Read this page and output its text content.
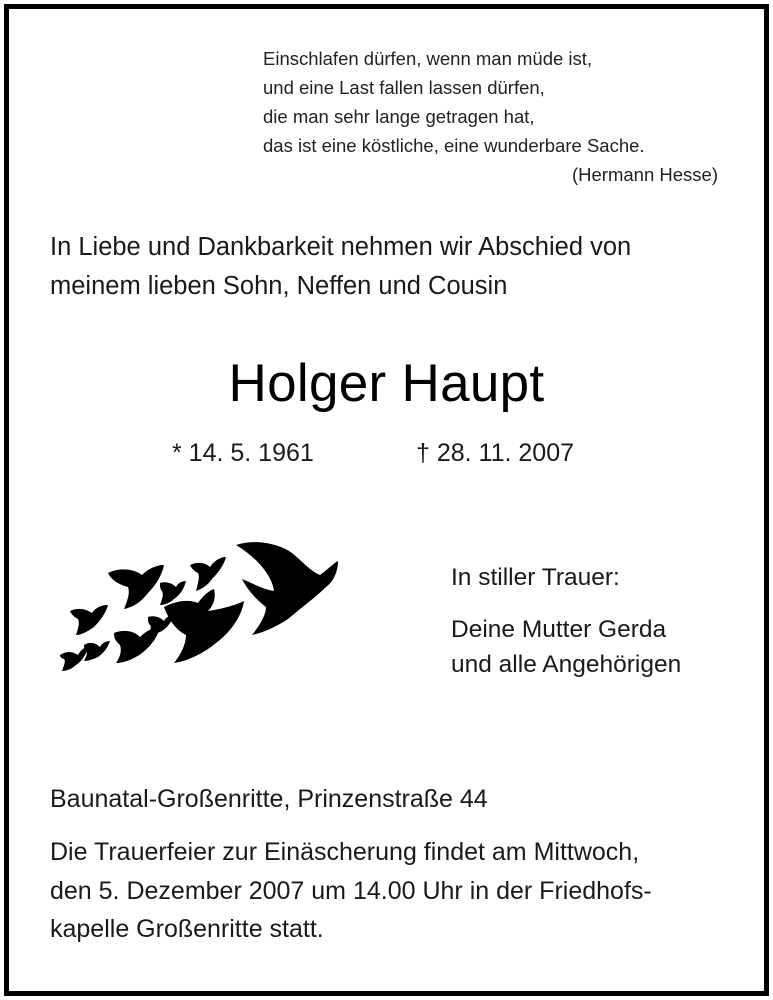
Einschlafen dürfen, wenn man müde ist,
und eine Last fallen lassen dürfen,
die man sehr lange getragen hat,
das ist eine köstliche, eine wunderbare Sache.
(Hermann Hesse)
In Liebe und Dankbarkeit nehmen wir Abschied von
meinem lieben Sohn, Neffen und Cousin
Holger Haupt
* 14. 5. 1961	† 28. 11. 2007
In stiller Trauer:
Deine Mutter Gerda
und alle Angehörigen
Baunatal-Großenritte, Prinzenstraße 44
Die Trauerfeier zur Einäscherung findet am Mittwoch,
den 5. Dezember 2007 um 14.00 Uhr in der Friedhofs-
kapelle Großenritte statt.
